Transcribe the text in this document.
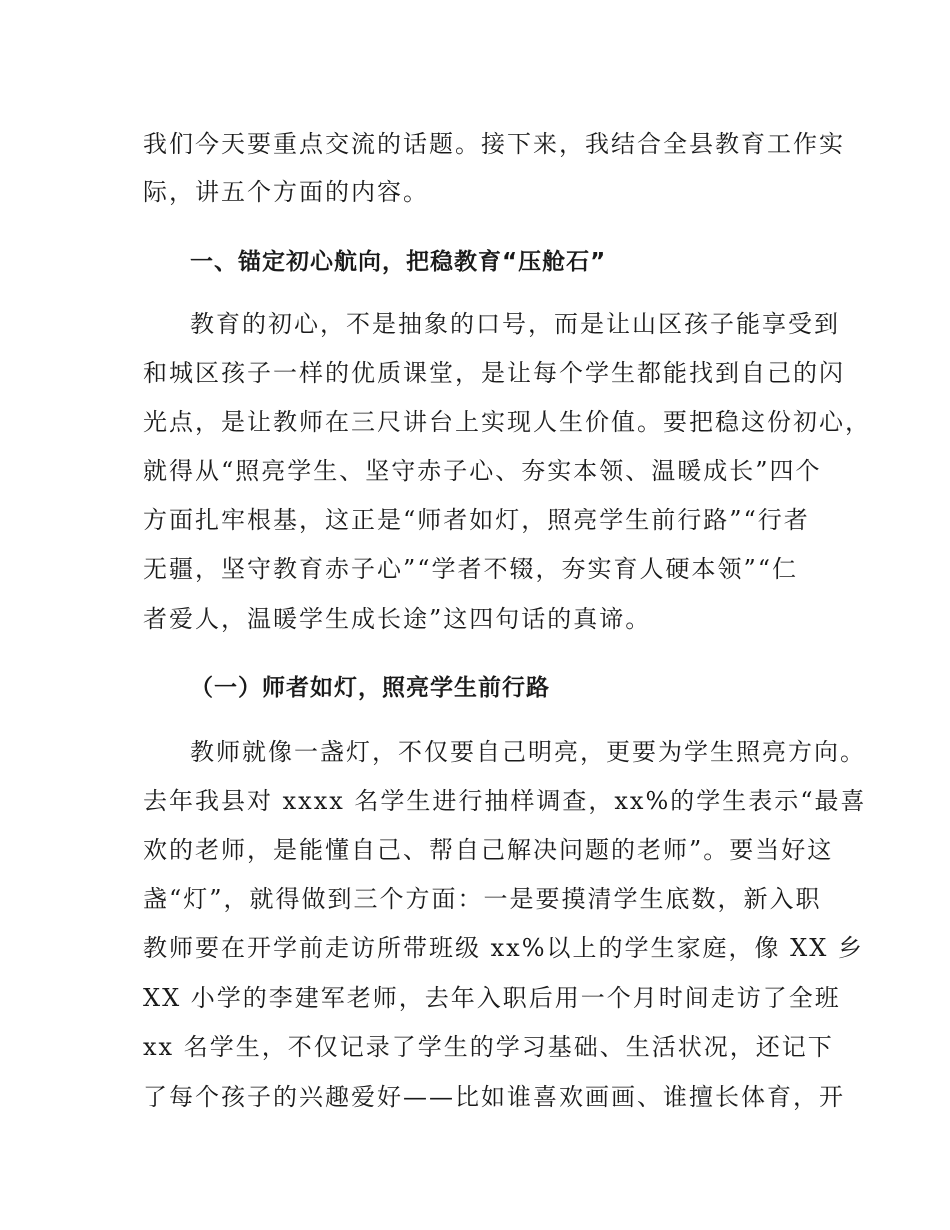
我们今天要重点交流的话题。接下来，我结合全县教育工作实
际，讲五个方面的内容。
一、锚定初心航向，把稳教育“压舱石”
教育的初心，不是抽象的口号，而是让山区孩子能享受到
和城区孩子一样的优质课堂，是让每个学生都能找到自己的闪
光点，是让教师在三尺讲台上实现人生价值。要把稳这份初心，
就得从“照亮学生、坚守赤子心、夯实本领、温暖成长”四个
方面扎牢根基，这正是“师者如灯，照亮学生前行路”“行者
无疆，坚守教育赤子心”“学者不辍，夯实育人硬本领”“仁
者爱人，温暖学生成长途”这四句话的真谛。
（一）师者如灯，照亮学生前行路
教师就像一盏灯，不仅要自己明亮，更要为学生照亮方向。
去年我县对 xxxx 名学生进行抽样调查，xx%的学生表示“最喜
欢的老师，是能懂自己、帮自己解决问题的老师”。要当好这
盏“灯”，就得做到三个方面：一是要摸清学生底数，新入职
教师要在开学前走访所带班级 xx%以上的学生家庭，像 XX 乡
XX 小学的李建军老师，去年入职后用一个月时间走访了全班
xx 名学生，不仅记录了学生的学习基础、生活状况，还记下
了每个孩子的兴趣爱好——比如谁喜欢画画、谁擅长体育，开
